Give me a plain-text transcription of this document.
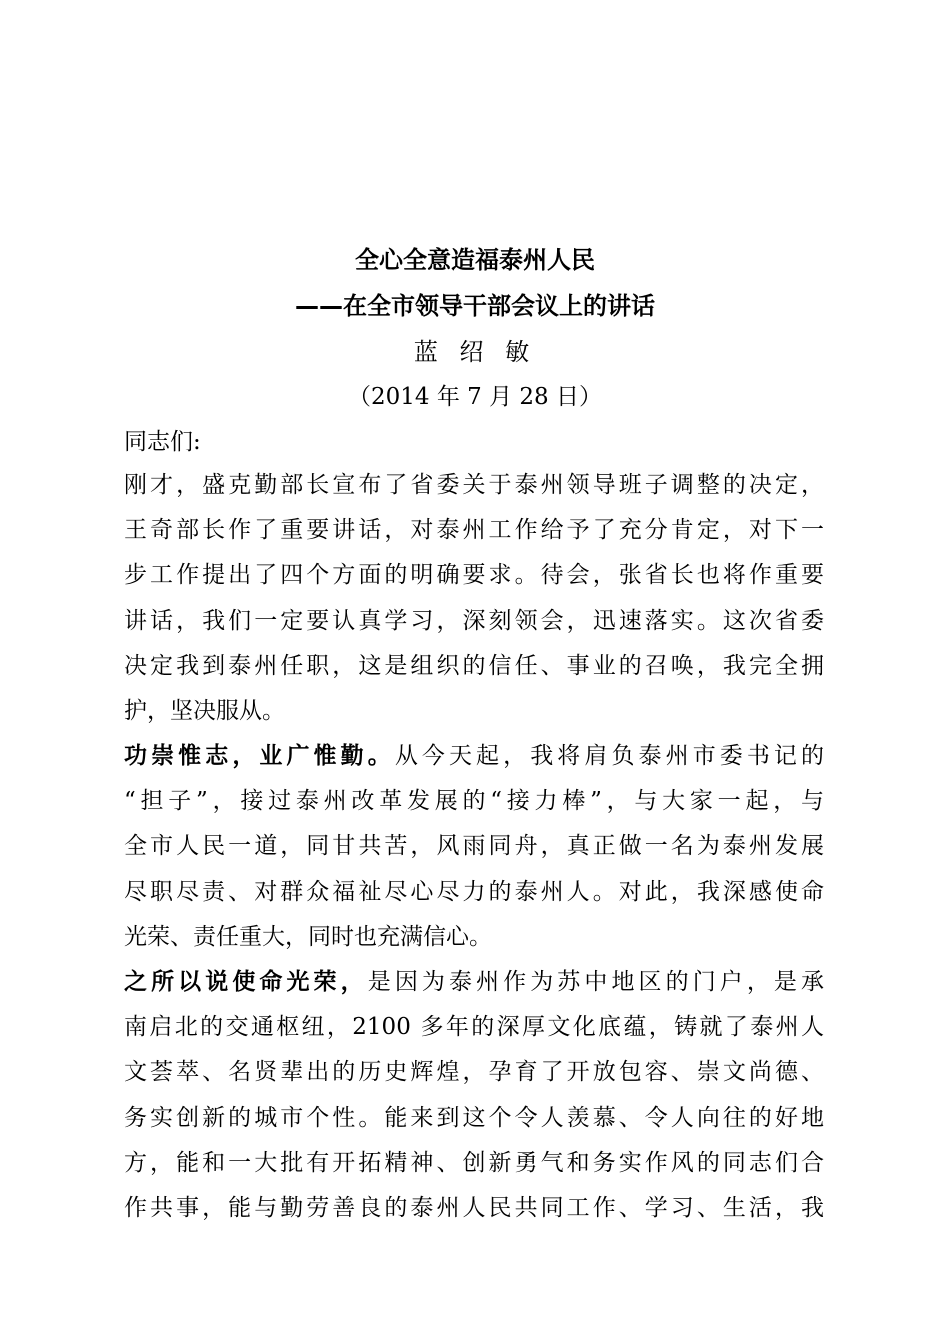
全心全意造福泰州人民
——在全市领导干部会议上的讲话
蓝 绍 敏
（2014 年 7 月 28 日）
同志们:
刚才，盛克勤部长宣布了省委关于泰州领导班子调整的决定，
王奇部长作了重要讲话，对泰州工作给予了充分肯定，对下一
步工作提出了四个方面的明确要求。待会，张省长也将作重要
讲话，我们一定要认真学习，深刻领会，迅速落实。这次省委
决定我到泰州任职，这是组织的信任、事业的召唤，我完全拥
护，坚决服从。
功崇惟志，业广惟勤。从今天起，我将肩负泰州市委书记的
“担子”，接过泰州改革发展的“接力棒”，与大家一起，与
全市人民一道，同甘共苦，风雨同舟，真正做一名为泰州发展
尽职尽责、对群众福祉尽心尽力的泰州人。对此，我深感使命
光荣、责任重大，同时也充满信心。
之所以说使命光荣，是因为泰州作为苏中地区的门户，是承
南启北的交通枢纽，2100 多年的深厚文化底蕴，铸就了泰州人
文荟萃、名贤辈出的历史辉煌，孕育了开放包容、崇文尚德、
务实创新的城市个性。能来到这个令人羡慕、令人向往的好地
方，能和一大批有开拓精神、创新勇气和务实作风的同志们合
作共事，能与勤劳善良的泰州人民共同工作、学习、生活，我
